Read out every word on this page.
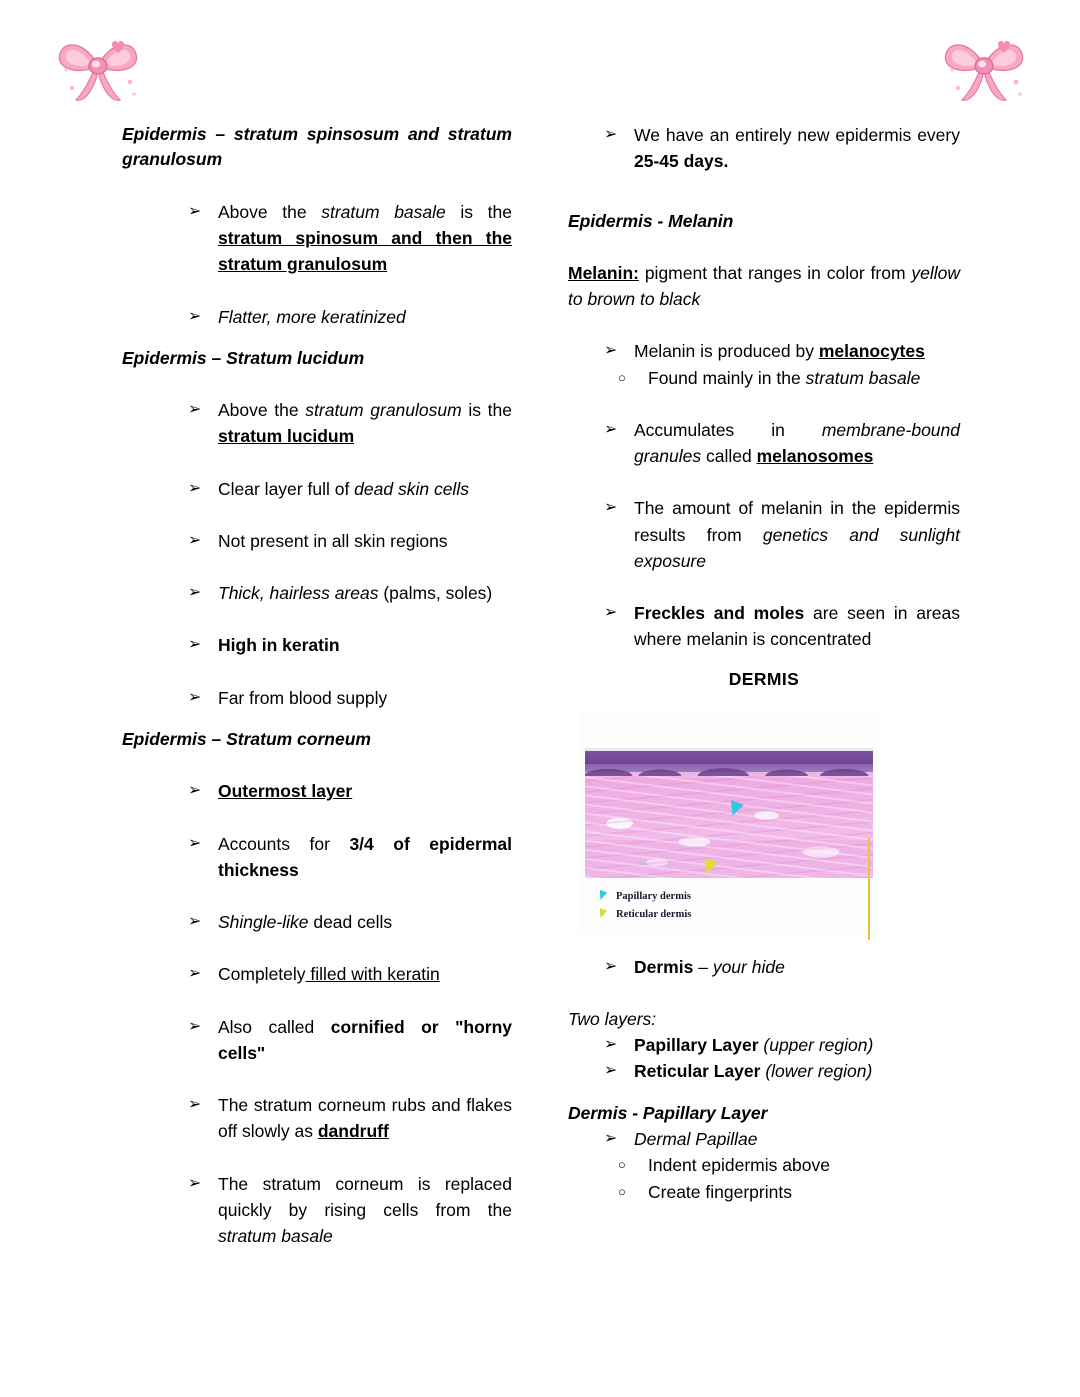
Epidermis – stratum spinsosum and stratum granulosum
➢ Above the stratum basale is the stratum spinosum and then the stratum granulosum
➢ Flatter, more keratinized
Epidermis – Stratum lucidum
➢ Above the stratum granulosum is the stratum lucidum
➢ Clear layer full of dead skin cells
➢ Not present in all skin regions
➢ Thick, hairless areas (palms, soles)
➢ High in keratin
➢ Far from blood supply
Epidermis – Stratum corneum
➢ Outermost layer
➢ Accounts for 3/4 of epidermal thickness
➢ Shingle-like dead cells
➢ Completely filled with keratin
➢ Also called cornified or "horny cells"
➢ The stratum corneum rubs and flakes off slowly as dandruff
➢ The stratum corneum is replaced quickly by rising cells from the stratum basale
➢ We have an entirely new epidermis every 25-45 days.
Epidermis - Melanin
Melanin: pigment that ranges in color from yellow to brown to black
➢ Melanin is produced by melanocytes
○ Found mainly in the stratum basale
➢ Accumulates in membrane-bound granules called melanosomes
➢ The amount of melanin in the epidermis results from genetics and sunlight exposure
➢ Freckles and moles are seen in areas where melanin is concentrated
DERMIS
Papillary dermis
Reticular dermis
➢ Dermis – your hide
Two layers:
➢ Papillary Layer (upper region)
➢ Reticular Layer (lower region)
Dermis - Papillary Layer
➢ Dermal Papillae
○ Indent epidermis above
○ Create fingerprints
